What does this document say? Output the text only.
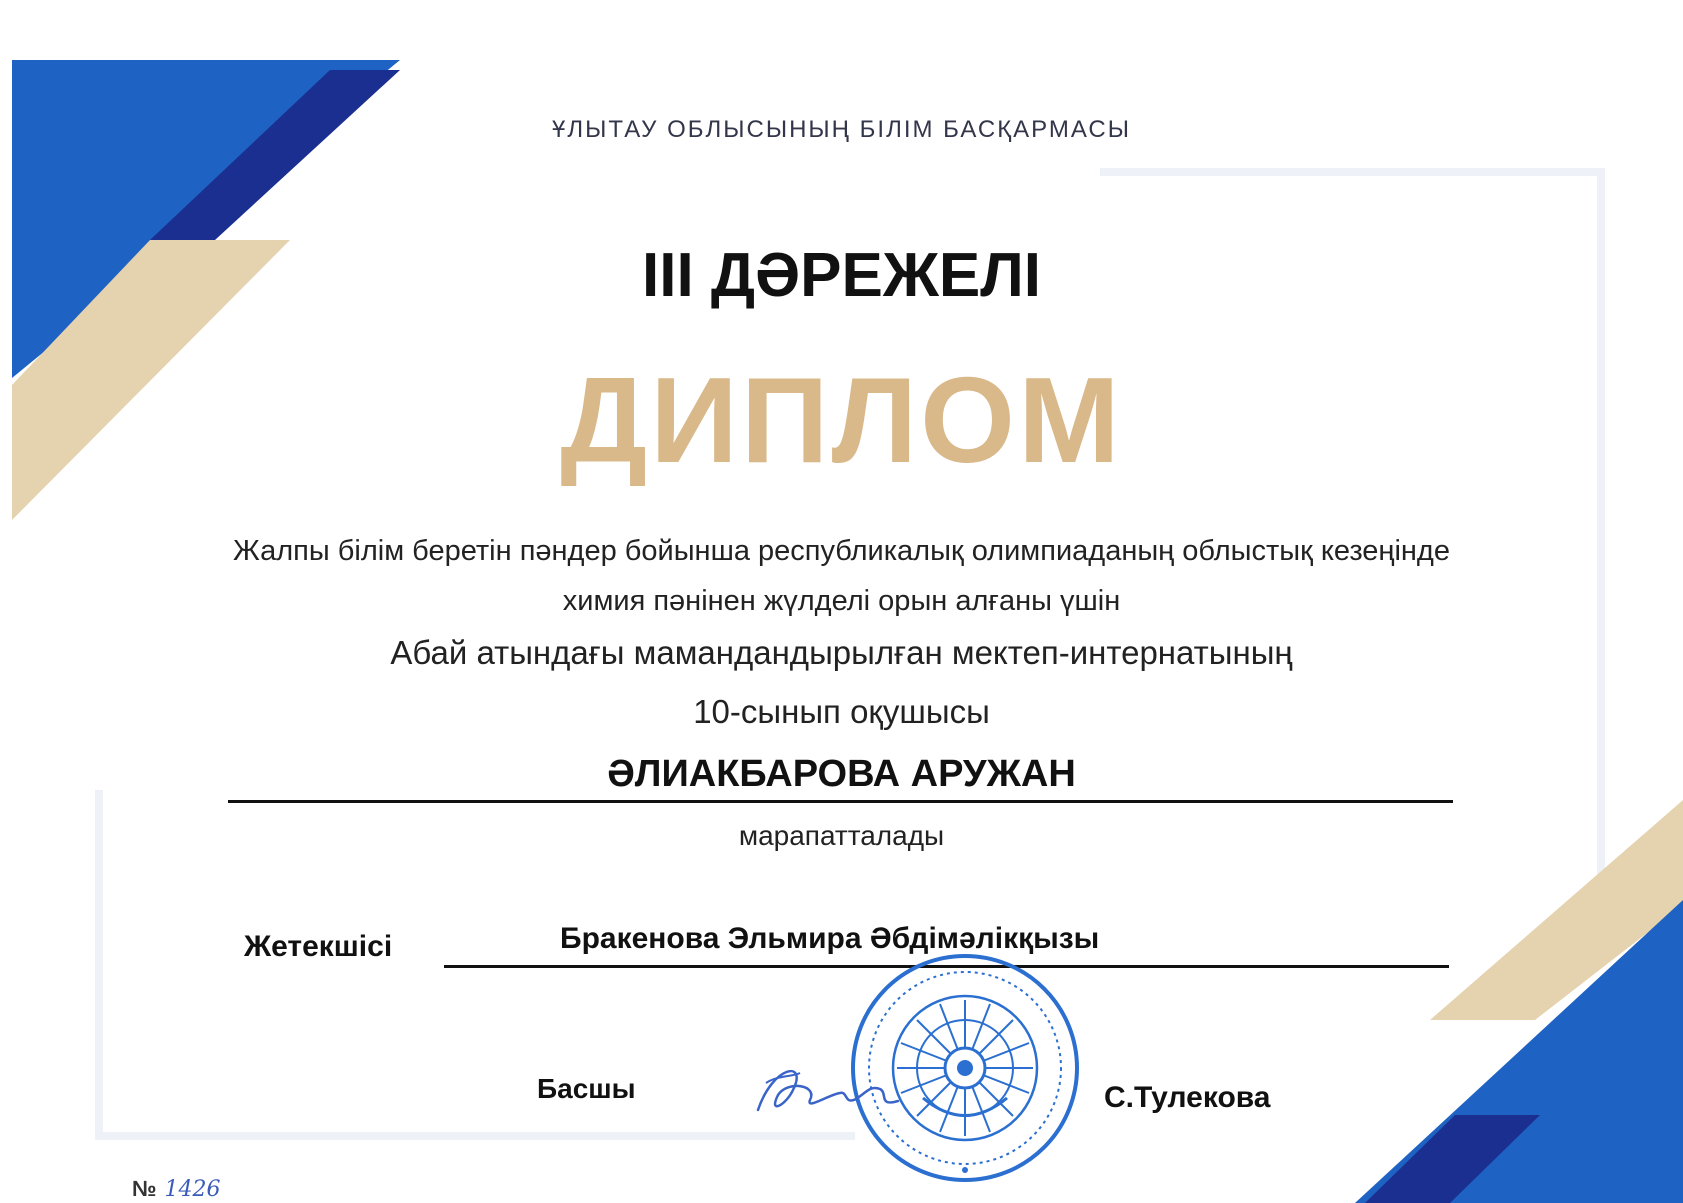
ҰЛЫТАУ ОБЛЫСЫНЫҢ БІЛІМ БАСҚАРМАСЫ
III ДӘРЕЖЕЛІ
ДИПЛОМ
Жалпы білім беретін пәндер бойынша республикалық олимпиаданың облыстық кезеңінде
химия пәнінен жүлделі орын алғаны үшін
Абай атындағы мамандандырылған мектеп-интернатының
10-сынып оқушысы
ӘЛИАКБАРОВА АРУЖАН
марапатталады
Жетекшісі	Бракенова Эльмира Әбдімәлікқызы
Басшы	С.Тулекова
№ 1426
